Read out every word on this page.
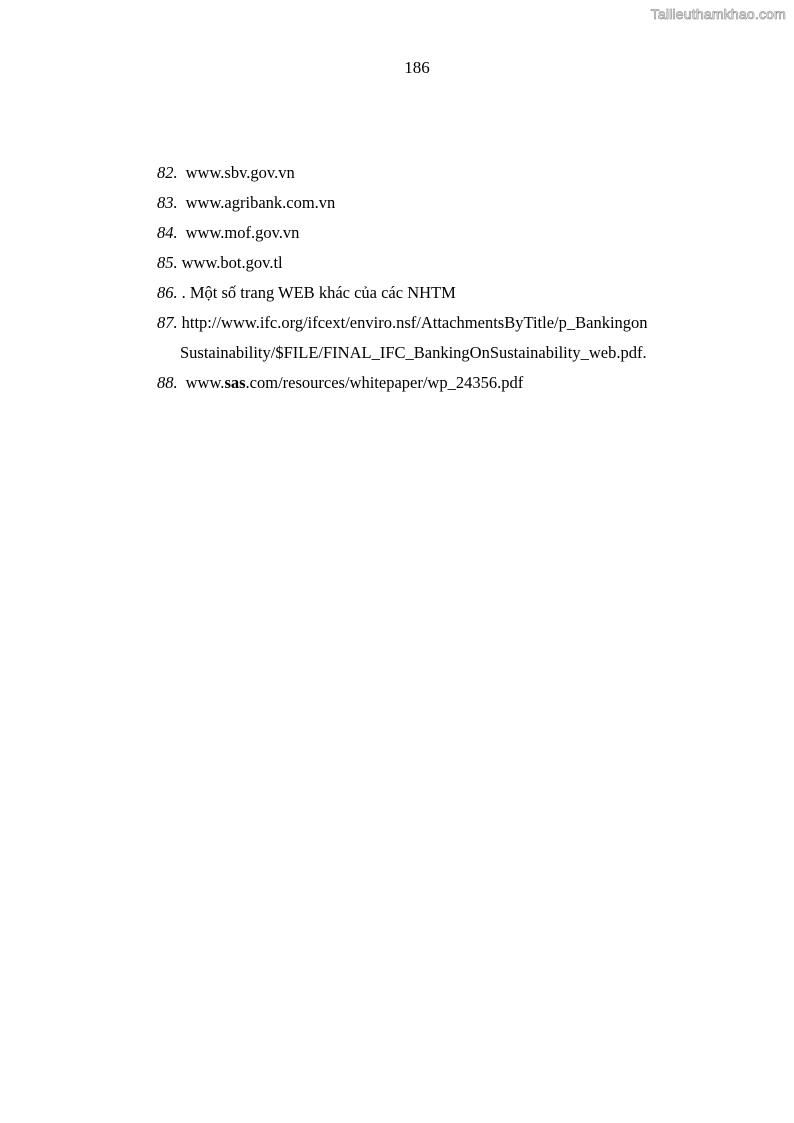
Tailieuthamkhao.com
186
82. www.sbv.gov.vn
83. www.agribank.com.vn
84. www.mof.gov.vn
85. www.bot.gov.tl
86. . Một số trang WEB khác của các NHTM
87. http://www.ifc.org/ifcext/enviro.nsf/AttachmentsByTitle/p_Bankingon
Sustainability/$FILE/FINAL_IFC_BankingOnSustainability_web.pdf.
88. www.sas.com/resources/whitepaper/wp_24356.pdf
